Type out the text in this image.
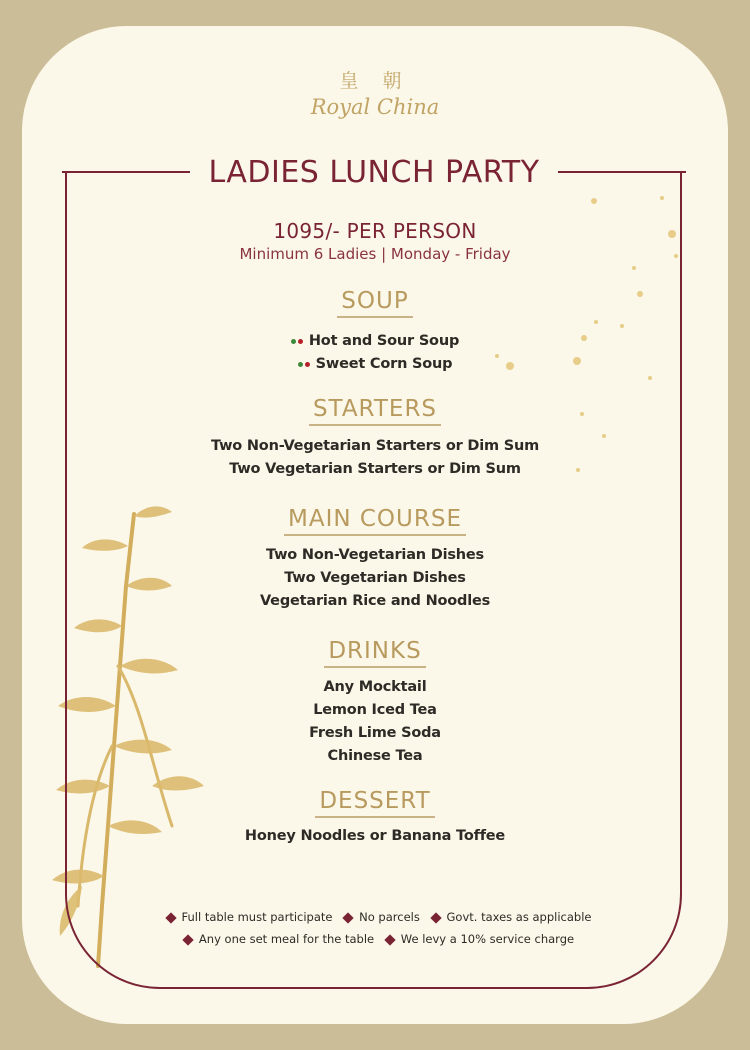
皇 朝
Royal China
LADIES LUNCH PARTY
1095/- PER PERSON
Minimum 6 Ladies | Monday - Friday
SOUP
Hot and Sour Soup
Sweet Corn Soup
STARTERS
Two Non-Vegetarian Starters or Dim Sum
Two Vegetarian Starters or Dim Sum
MAIN COURSE
Two Non-Vegetarian Dishes
Two Vegetarian Dishes
Vegetarian Rice and Noodles
DRINKS
Any Mocktail
Lemon Iced Tea
Fresh Lime Soda
Chinese Tea
DESSERT
Honey Noodles or Banana Toffee
Full table must participate No parcels Govt. taxes as applicable
Any one set meal for the table We levy a 10% service charge
